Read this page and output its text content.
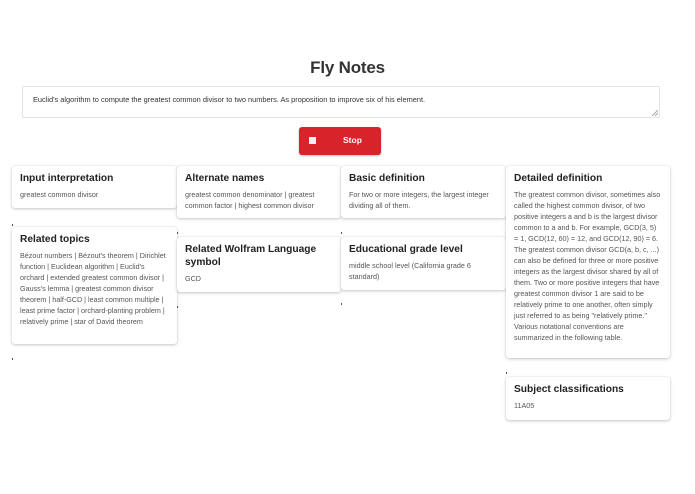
Fly Notes
Euclid's algorithm to compute the greatest common divisor to two numbers. As proposition to improve six of his element.
Stop
Input interpretation
greatest common divisor
Related topics
Bézout numbers | Bézout's theorem | Dirichlet function | Euclidean algorithm | Euclid's orchard | extended greatest common divisor | Gauss's lemma | greatest common divisor theorem | half-GCD | least common multiple | least prime factor | orchard-planting problem | relatively prime | star of David theorem
Alternate names
greatest common denominator | greatest common factor | highest common divisor
Related Wolfram Language symbol
GCD
Basic definition
For two or more integers, the largest integer dividing all of them.
Educational grade level
middle school level (California grade 6 standard)
Detailed definition
The greatest common divisor, sometimes also called the highest common divisor, of two positive integers a and b is the largest divisor common to a and b. For example, GCD(3, 5) = 1, GCD(12, 60) = 12, and GCD(12, 90) = 6. The greatest common divisor GCD(a, b, c, ...) can also be defined for three or more positive integers as the largest divisor shared by all of them. Two or more positive integers that have greatest common divisor 1 are said to be relatively prime to one another, often simply just referred to as being "relatively prime." Various notational conventions are summarized in the following table.
Subject classifications
11A05
